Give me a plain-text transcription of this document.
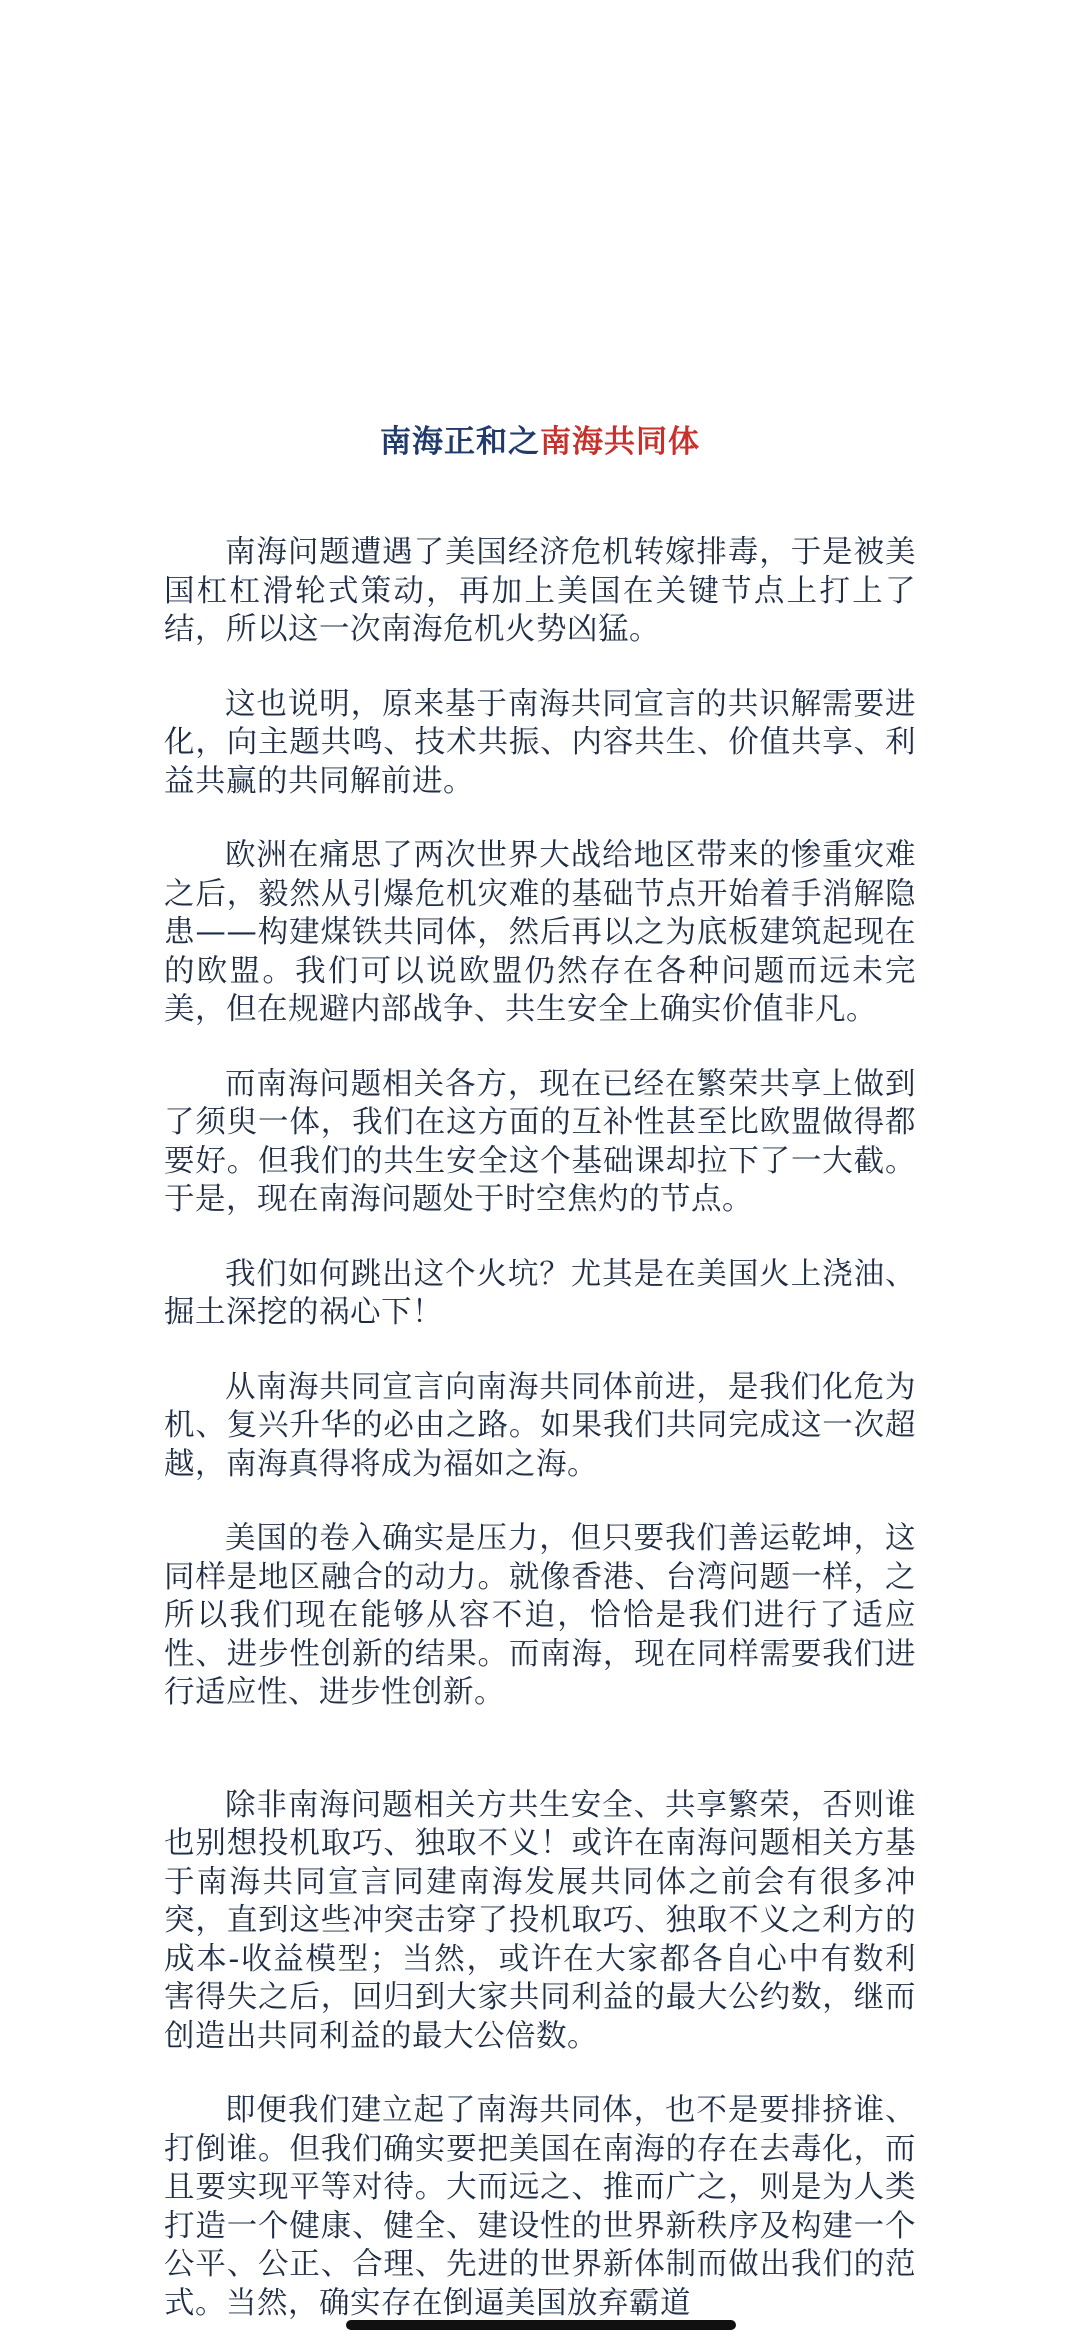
南海正和之南海共同体

南海问题遭遇了美国经济危机转嫁排毒，于是被美国杠杠滑轮式策动，再加上美国在关键节点上打上了结，所以这一次南海危机火势凶猛。

这也说明，原来基于南海共同宣言的共识解需要进化，向主题共鸣、技术共振、内容共生、价值共享、利益共赢的共同解前进。

欧洲在痛思了两次世界大战给地区带来的惨重灾难之后，毅然从引爆危机灾难的基础节点开始着手消解隐患——构建煤铁共同体，然后再以之为底板建筑起现在的欧盟。我们可以说欧盟仍然存在各种问题而远未完美，但在规避内部战争、共生安全上确实价值非凡。

而南海问题相关各方，现在已经在繁荣共享上做到了须臾一体，我们在这方面的互补性甚至比欧盟做得都要好。但我们的共生安全这个基础课却拉下了一大截。于是，现在南海问题处于时空焦灼的节点。

我们如何跳出这个火坑？尤其是在美国火上浇油、掘土深挖的祸心下！

从南海共同宣言向南海共同体前进，是我们化危为机、复兴升华的必由之路。如果我们共同完成这一次超越，南海真得将成为福如之海。

美国的卷入确实是压力，但只要我们善运乾坤，这同样是地区融合的动力。就像香港、台湾问题一样，之所以我们现在能够从容不迫，恰恰是我们进行了适应性、进步性创新的结果。而南海，现在同样需要我们进行适应性、进步性创新。

除非南海问题相关方共生安全、共享繁荣，否则谁也别想投机取巧、独取不义！或许在南海问题相关方基于南海共同宣言同建南海发展共同体之前会有很多冲突，直到这些冲突击穿了投机取巧、独取不义之利方的成本-收益模型；当然，或许在大家都各自心中有数利害得失之后，回归到大家共同利益的最大公约数，继而创造出共同利益的最大公倍数。

即便我们建立起了南海共同体，也不是要排挤谁、打倒谁。但我们确实要把美国在南海的存在去毒化，而且要实现平等对待。大而远之、推而广之，则是为人类打造一个健康、健全、建设性的世界新秩序及构建一个公平、公正、合理、先进的世界新体制而做出我们的范式。当然，确实存在倒逼美国放弃霸道
